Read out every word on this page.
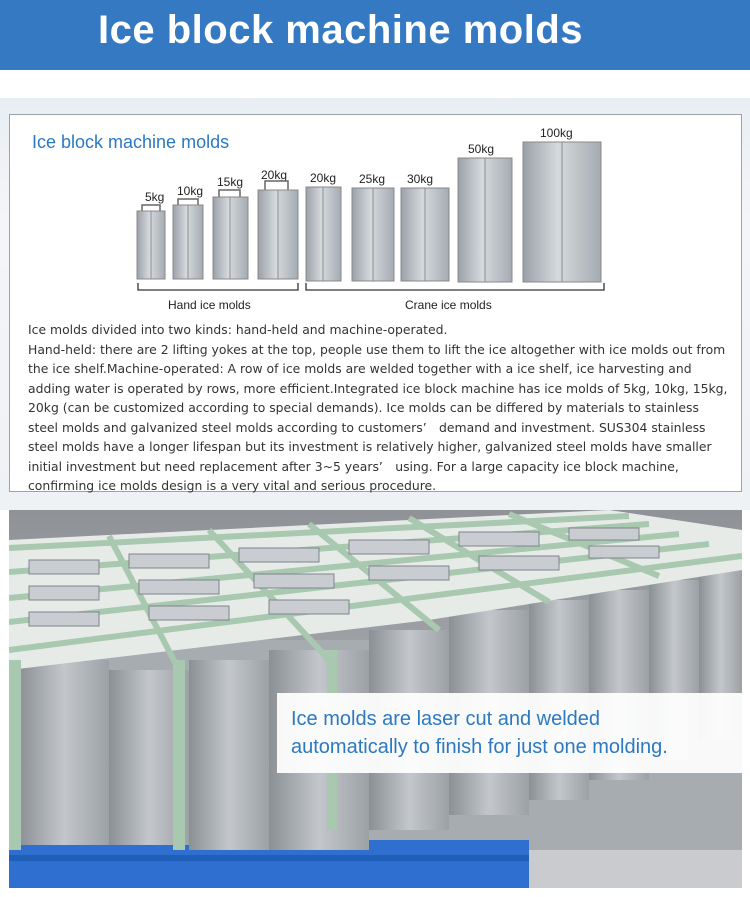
Ice block machine molds
Ice block machine molds
5kg 10kg
15kg 20kg 20kg 25kg 30kg
50kg
100kg
Hand ice molds	Crane ice molds

Ice molds divided into two kinds: hand-held and machine-operated.

Hand-held: there are 2 lifting yokes at the top, people use them to lift the ice altogether with ice molds out from the ice shelf.Machine-operated: A row of ice molds are welded together with a ice shelf, ice harvesting and adding water is operated by rows, more efficient.Integrated ice block machine has ice molds of 5kg, 10kg, 15kg, 20kg (can be customized according to special demands). Ice molds can be differed by materials to stainless steel molds and galvanized steel molds according to customers’　demand and investment. SUS304 stainless steel molds have a longer lifespan but its investment is relatively higher, galvanized steel molds have smaller initial investment but need replacement after 3~5 years’　using. For a large capacity ice block machine, confirming ice molds design is a very vital and serious procedure.

Ice molds are laser cut and welded
automatically to finish for just one molding.
